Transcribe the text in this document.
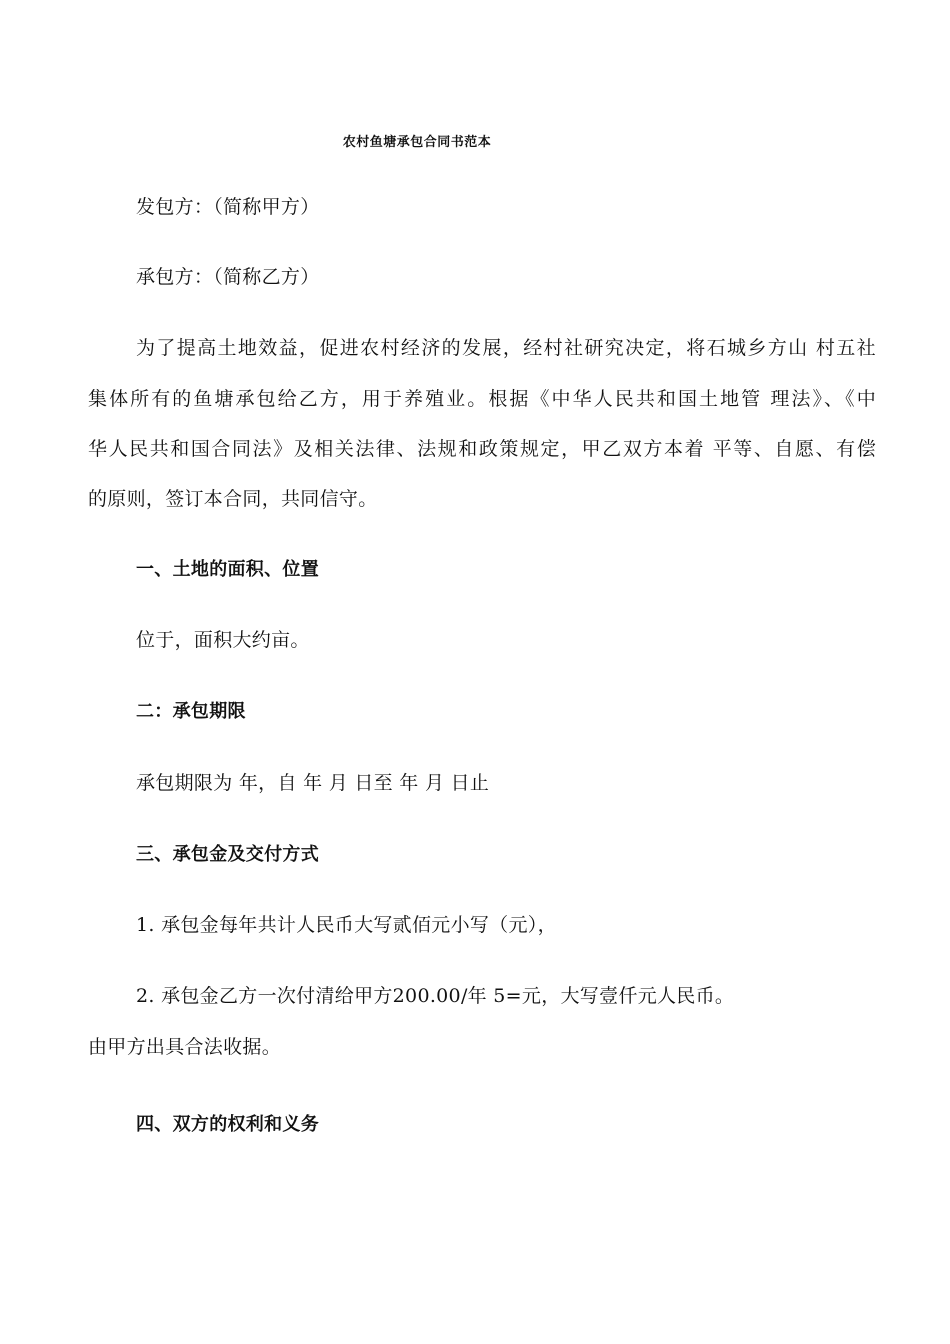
农村鱼塘承包合同书范本
发包方：（简称甲方）
承包方：（简称乙方）
为了提高土地效益，促进农村经济的发展，经村社研究决定，将石城乡方山 村五社
集体所有的鱼塘承包给乙方，用于养殖业。根据《中华人民共和国土地管 理法》、《中
华人民共和国合同法》及相关法律、法规和政策规定，甲乙双方本着 平等、自愿、有偿
的原则，签订本合同，共同信守。
一、土地的面积、位置
位于，面积大约亩。
二：承包期限
承包期限为 年，自 年 月 日至 年 月 日止
三、承包金及交付方式
1. 承包金每年共计人民币大写贰佰元小写（元），
2. 承包金乙方一次付清给甲方200.00/年 5=元，大写壹仟元人民币。
由甲方出具合法收据。
四、双方的权利和义务
